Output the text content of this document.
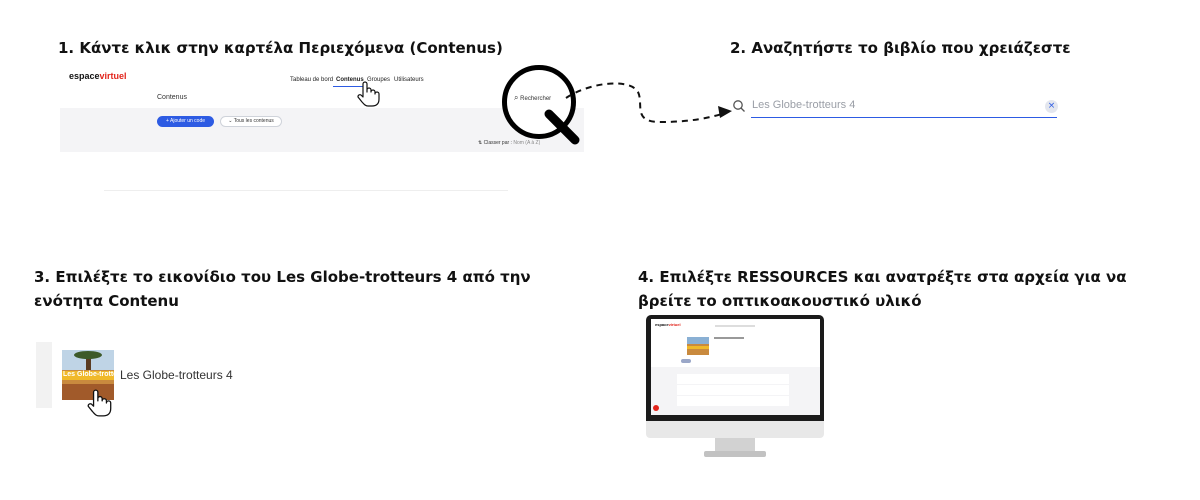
1. Κάντε κλικ στην καρτέλα Περιεχόμενα (Contenus)	2. Αναζητήστε το βιβλίο που χρειάζεστε
3. Επιλέξτε το εικονίδιο του Les Globe-trotteurs 4 από την
ενότητα Contenu
4. Επιλέξτε RESSOURCES και ανατρέξτε στα αρχεία για να
βρείτε το οπτικοακουστικό υλικό
espacevirtuel	Tableau de bord Contenus Groupes Utilisateurs
Contenus
+ Ajouter un code	⌄ Tous les contenus
⇅ Classer par : Nom (A à Z)
⌕ Rechercher	Les Globe-trotteurs 4	×
Les Globe-trotteurs
Les Globe-trotteurs 4
espacevirtuel
